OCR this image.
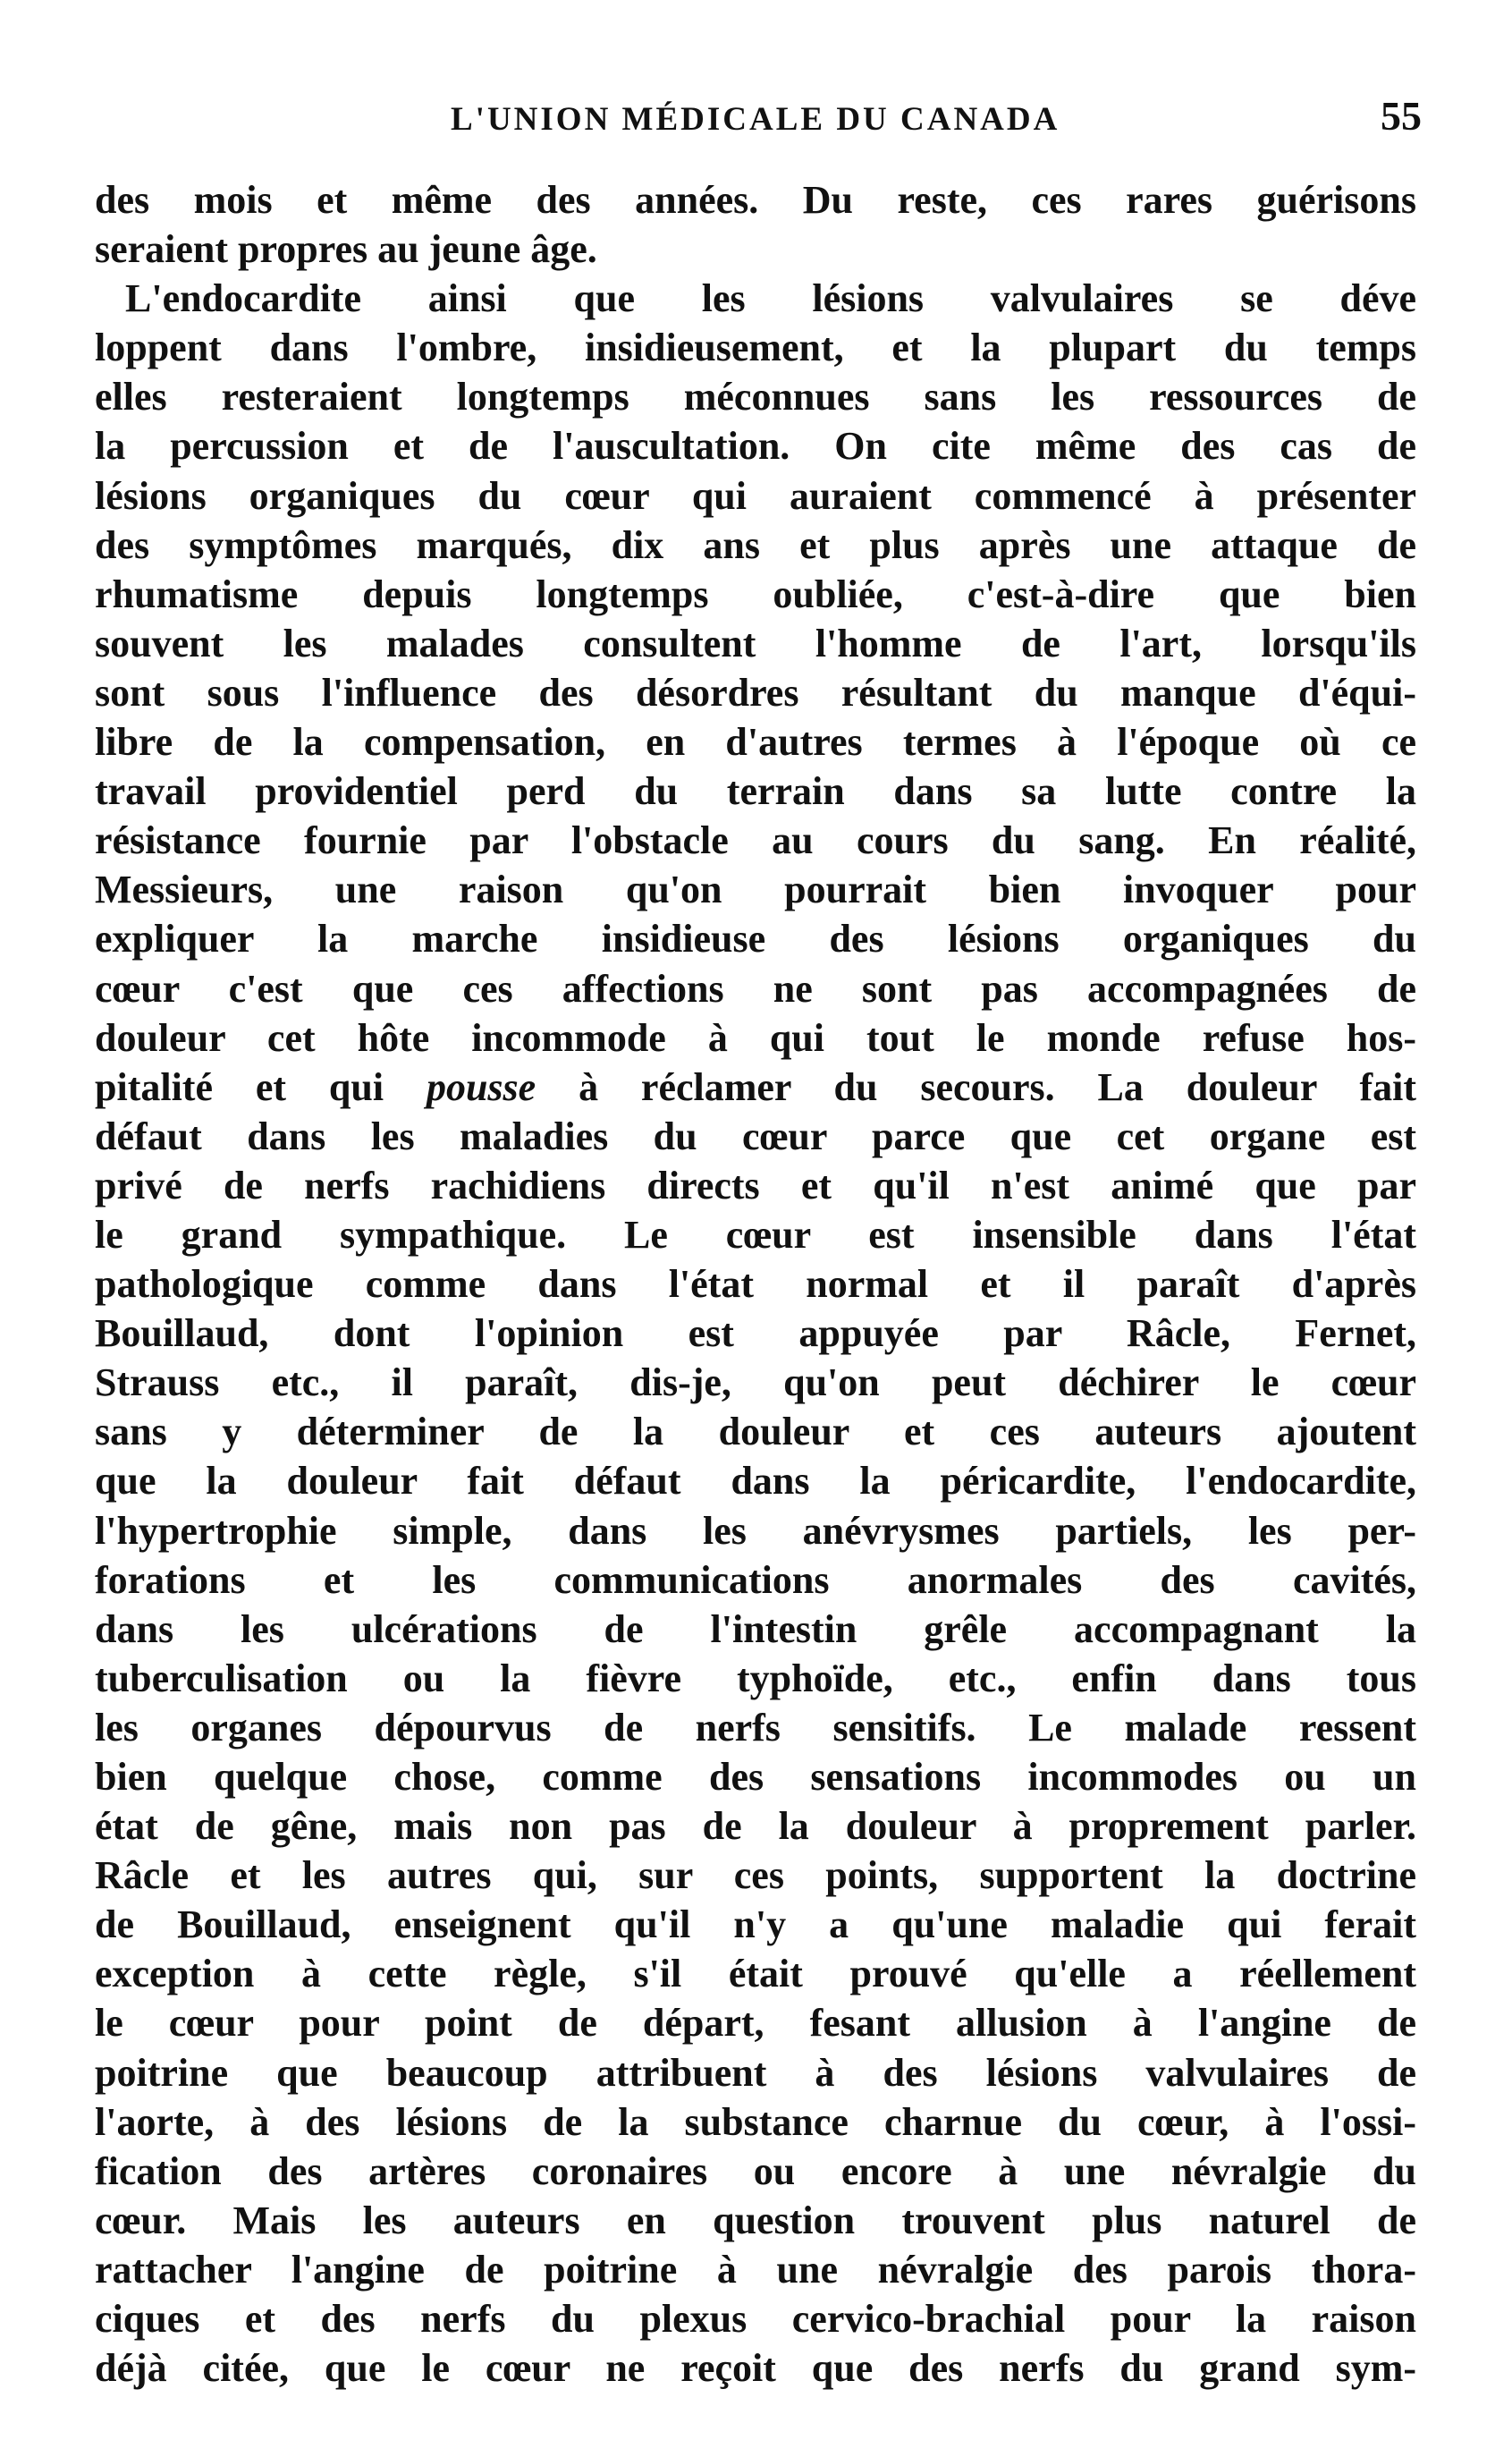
L'UNION MÉDICALE DU CANADA	55
des mois et même des années. Du reste, ces rares guérisons
seraient propres au jeune âge.
L'endocardite ainsi que les lésions valvulaires se déve
loppent dans l'ombre, insidieusement, et la plupart du temps
elles resteraient longtemps méconnues sans les ressources de
la percussion et de l'auscultation. On cite même des cas de
lésions organiques du cœur qui auraient commencé à présenter
des symptômes marqués, dix ans et plus après une attaque de
rhumatisme depuis longtemps oubliée, c'est-à-dire que bien
souvent les malades consultent l'homme de l'art, lorsqu'ils
sont sous l'influence des désordres résultant du manque d'équi-
libre de la compensation, en d'autres termes à l'époque où ce
travail providentiel perd du terrain dans sa lutte contre la
résistance fournie par l'obstacle au cours du sang. En réalité,
Messieurs, une raison qu'on pourrait bien invoquer pour
expliquer la marche insidieuse des lésions organiques du
cœur c'est que ces affections ne sont pas accompagnées de
douleur cet hôte incommode à qui tout le monde refuse hos-
pitalité et qui pousse à réclamer du secours. La douleur fait
défaut dans les maladies du cœur parce que cet organe est
privé de nerfs rachidiens directs et qu'il n'est animé que par
le grand sympathique. Le cœur est insensible dans l'état
pathologique comme dans l'état normal et il paraît d'après
Bouillaud, dont l'opinion est appuyée par Râcle, Fernet,
Strauss etc., il paraît, dis-je, qu'on peut déchirer le cœur
sans y déterminer de la douleur et ces auteurs ajoutent
que la douleur fait défaut dans la péricardite, l'endocardite,
l'hypertrophie simple, dans les anévrysmes partiels, les per-
forations et les communications anormales des cavités,
dans les ulcérations de l'intestin grêle accompagnant la
tuberculisation ou la fièvre typhoïde, etc., enfin dans tous
les organes dépourvus de nerfs sensitifs. Le malade ressent
bien quelque chose, comme des sensations incommodes ou un
état de gêne, mais non pas de la douleur à proprement parler.
Râcle et les autres qui, sur ces points, supportent la doctrine
de Bouillaud, enseignent qu'il n'y a qu'une maladie qui ferait
exception à cette règle, s'il était prouvé qu'elle a réellement
le cœur pour point de départ, fesant allusion à l'angine de
poitrine que beaucoup attribuent à des lésions valvulaires de
l'aorte, à des lésions de la substance charnue du cœur, à l'ossi-
fication des artères coronaires ou encore à une névralgie du
cœur. Mais les auteurs en question trouvent plus naturel de
rattacher l'angine de poitrine à une névralgie des parois thora-
ciques et des nerfs du plexus cervico-brachial pour la raison
déjà citée, que le cœur ne reçoit que des nerfs du grand sym-
